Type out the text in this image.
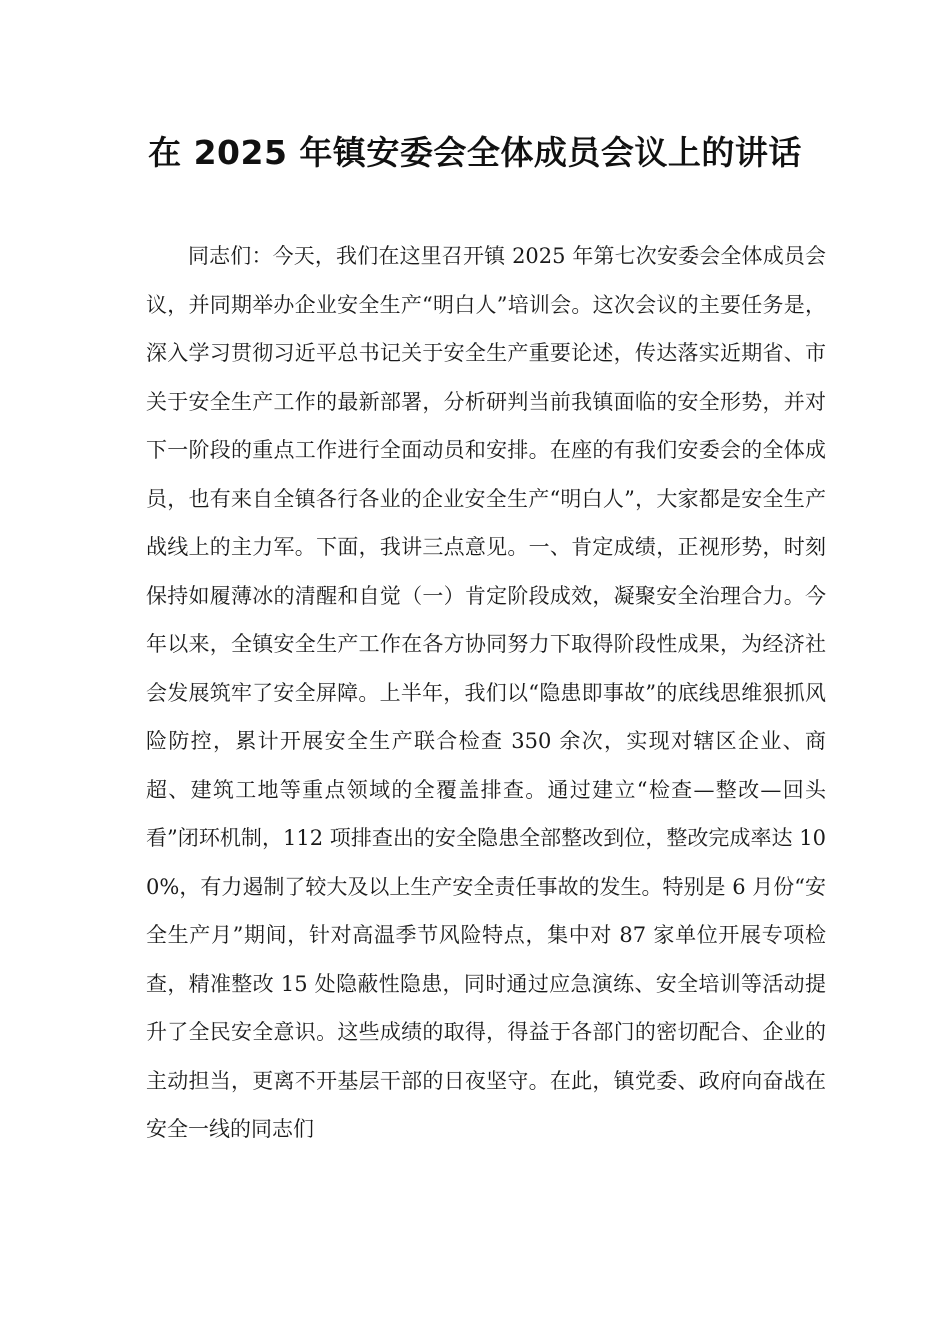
在 2025 年镇安委会全体成员会议上的讲话

同志们：今天，我们在这里召开镇 2025 年第七次安委会全体成员会议，并同期举办企业安全生产“明白人”培训会。这次会议的主要任务是，深入学习贯彻习近平总书记关于安全生产重要论述，传达落实近期省、市关于安全生产工作的最新部署，分析研判当前我镇面临的安全形势，并对下一阶段的重点工作进行全面动员和安排。在座的有我们安委会的全体成员，也有来自全镇各行各业的企业安全生产“明白人”，大家都是安全生产战线上的主力军。下面，我讲三点意见。一、肯定成绩，正视形势，时刻保持如履薄冰的清醒和自觉（一）肯定阶段成效，凝聚安全治理合力。今年以来，全镇安全生产工作在各方协同努力下取得阶段性成果，为经济社会发展筑牢了安全屏障。上半年，我们以“隐患即事故”的底线思维狠抓风险防控，累计开展安全生产联合检查 350 余次，实现对辖区企业、商超、建筑工地等重点领域的全覆盖排查。通过建立“检查—整改—回头看”闭环机制，112 项排查出的安全隐患全部整改到位，整改完成率达 100%，有力遏制了较大及以上生产安全责任事故的发生。特别是 6 月份“安全生产月”期间，针对高温季节风险特点，集中对 87 家单位开展专项检查，精准整改 15 处隐蔽性隐患，同时通过应急演练、安全培训等活动提升了全民安全意识。这些成绩的取得，得益于各部门的密切配合、企业的主动担当，更离不开基层干部的日夜坚守。在此，镇党委、政府向奋战在安全一线的同志们
